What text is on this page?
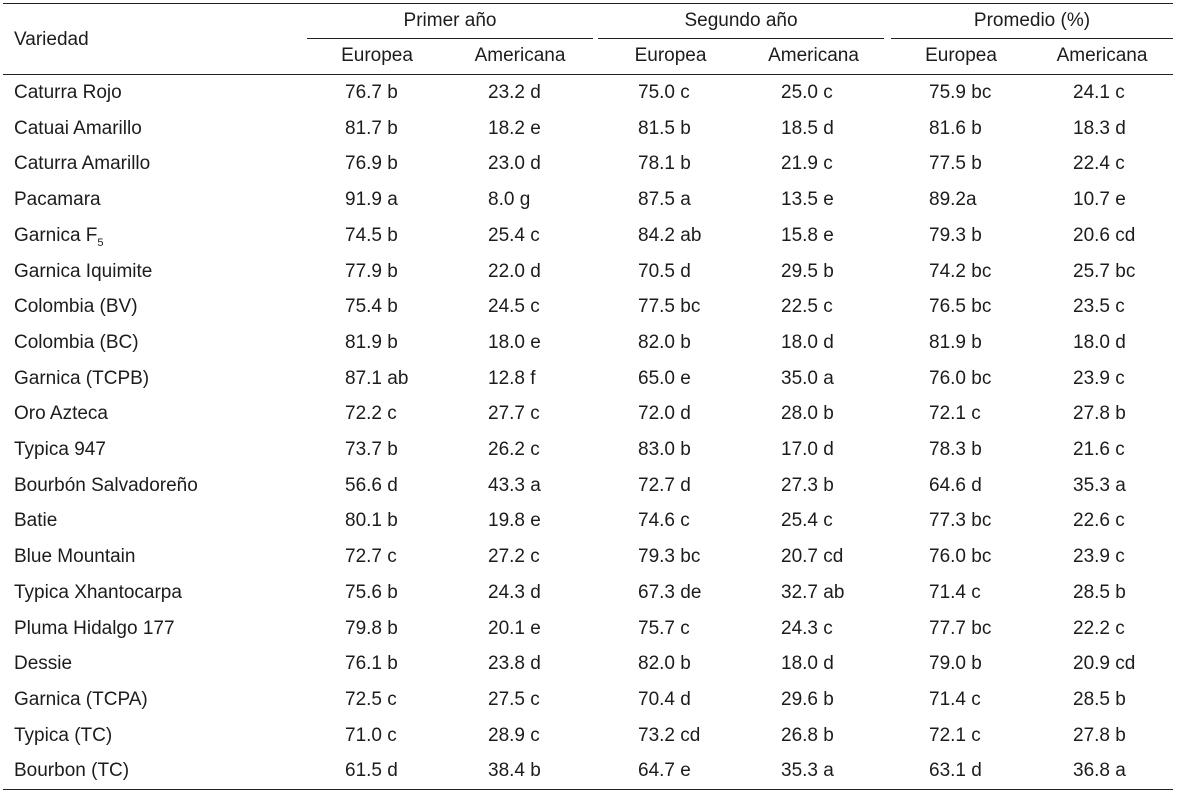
Variedad
Primer año	Segundo año	Promedio (%)
Europea	Americana	Europea	Americana	Europea	Americana
Caturra Rojo	76.7 b	23.2 d	75.0 c	25.0 c	75.9 bc	24.1 c
Catuai Amarillo	81.7 b	18.2 e	81.5 b	18.5 d	81.6 b	18.3 d
Caturra Amarillo	76.9 b	23.0 d	78.1 b	21.9 c	77.5 b	22.4 c
Pacamara	91.9 a	8.0 g	87.5 a	13.5 e	89.2a	10.7 e
Garnica $F_5$	74.5 b	25.4 c	84.2 ab	15.8 e	79.3 b	20.6 cd
Garnica Iquimite	77.9 b	22.0 d	70.5 d	29.5 b	74.2 bc	25.7 bc
Colombia (BV)	75.4 b	24.5 c	77.5 bc	22.5 c	76.5 bc	23.5 c
Colombia (BC)	81.9 b	18.0 e	82.0 b	18.0 d	81.9 b	18.0 d
Garnica (TCPB)	87.1 ab	12.8 f	65.0 e	35.0 a	76.0 bc	23.9 c
Oro Azteca	72.2 c	27.7 c	72.0 d	28.0 b	72.1 c	27.8 b
Typica 947	73.7 b	26.2 c	83.0 b	17.0 d	78.3 b	21.6 c
Bourbón Salvadoreño	56.6 d	43.3 a	72.7 d	27.3 b	64.6 d	35.3 a
Batie	80.1 b	19.8 e	74.6 c	25.4 c	77.3 bc	22.6 c
Blue Mountain	72.7 c	27.2 c	79.3 bc	20.7 cd	76.0 bc	23.9 c
Typica Xhantocarpa	75.6 b	24.3 d	67.3 de	32.7 ab	71.4 c	28.5 b
Pluma Hidalgo 177	79.8 b	20.1 e	75.7 c	24.3 c	77.7 bc	22.2 c
Dessie	76.1 b	23.8 d	82.0 b	18.0 d	79.0 b	20.9 cd
Garnica (TCPA)	72.5 c	27.5 c	70.4 d	29.6 b	71.4 c	28.5 b
Typica (TC)	71.0 c	28.9 c	73.2 cd	26.8 b	72.1 c	27.8 b
Bourbon (TC)	61.5 d	38.4 b	64.7 e	35.3 a	63.1 d	36.8 a
